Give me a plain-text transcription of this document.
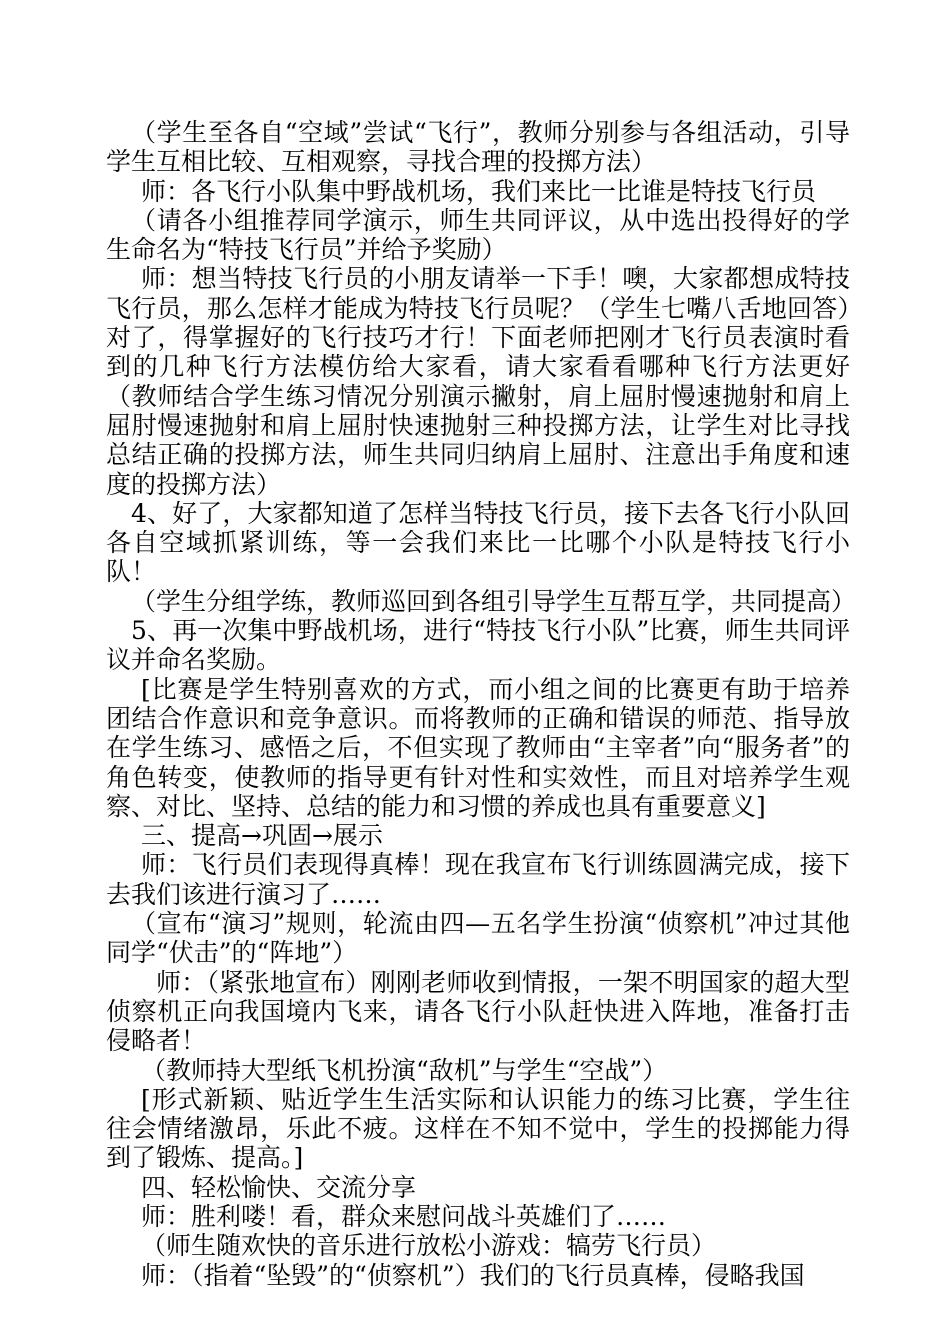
（学生至各自“空域”尝试“飞行”，教师分别参与各组活动，引导学生互相比较、互相观察，寻找合理的投掷方法）

师：各飞行小队集中野战机场，我们来比一比谁是特技飞行员

（请各小组推荐同学演示，师生共同评议，从中选出投得好的学生命名为“特技飞行员”并给予奖励）

师：想当特技飞行员的小朋友请举一下手！噢，大家都想成特技飞行员，那么怎样才能成为特技飞行员呢？（学生七嘴八舌地回答）对了，得掌握好的飞行技巧才行！下面老师把刚才飞行员表演时看到的几种飞行方法模仿给大家看，请大家看看哪种飞行方法更好（教师结合学生练习情况分别演示撇射，肩上屈肘慢速抛射和肩上屈肘慢速抛射和肩上屈肘快速抛射三种投掷方法，让学生对比寻找总结正确的投掷方法，师生共同归纳肩上屈肘、注意出手角度和速度的投掷方法）

4、好了，大家都知道了怎样当特技飞行员，接下去各飞行小队回各自空域抓紧训练，等一会我们来比一比哪个小队是特技飞行小队！

（学生分组学练，教师巡回到各组引导学生互帮互学，共同提高）

5、再一次集中野战机场，进行“特技飞行小队”比赛，师生共同评议并命名奖励。

[比赛是学生特别喜欢的方式，而小组之间的比赛更有助于培养团结合作意识和竞争意识。而将教师的正确和错误的师范、指导放在学生练习、感悟之后，不但实现了教师由“主宰者”向“服务者”的角色转变，使教师的指导更有针对性和实效性，而且对培养学生观察、对比、坚持、总结的能力和习惯的养成也具有重要意义]

三、提高→巩固→展示

师：飞行员们表现得真棒！现在我宣布飞行训练圆满完成，接下去我们该进行演习了……

（宣布“演习”规则，轮流由四—五名学生扮演“侦察机”冲过其他同学“伏击”的“阵地”）

师：（紧张地宣布）刚刚老师收到情报，一架不明国家的超大型侦察机正向我国境内飞来，请各飞行小队赶快进入阵地，准备打击侵略者！

（教师持大型纸飞机扮演“敌机”与学生“空战”）

[形式新颖、贴近学生生活实际和认识能力的练习比赛，学生往往会情绪激昂，乐此不疲。这样在不知不觉中，学生的投掷能力得到了锻炼、提高。]

四、轻松愉快、交流分享

师：胜利喽！看，群众来慰问战斗英雄们了……

（师生随欢快的音乐进行放松小游戏：犒劳飞行员）

师：（指着“坠毁”的“侦察机”）我们的飞行员真棒，侵略我国
